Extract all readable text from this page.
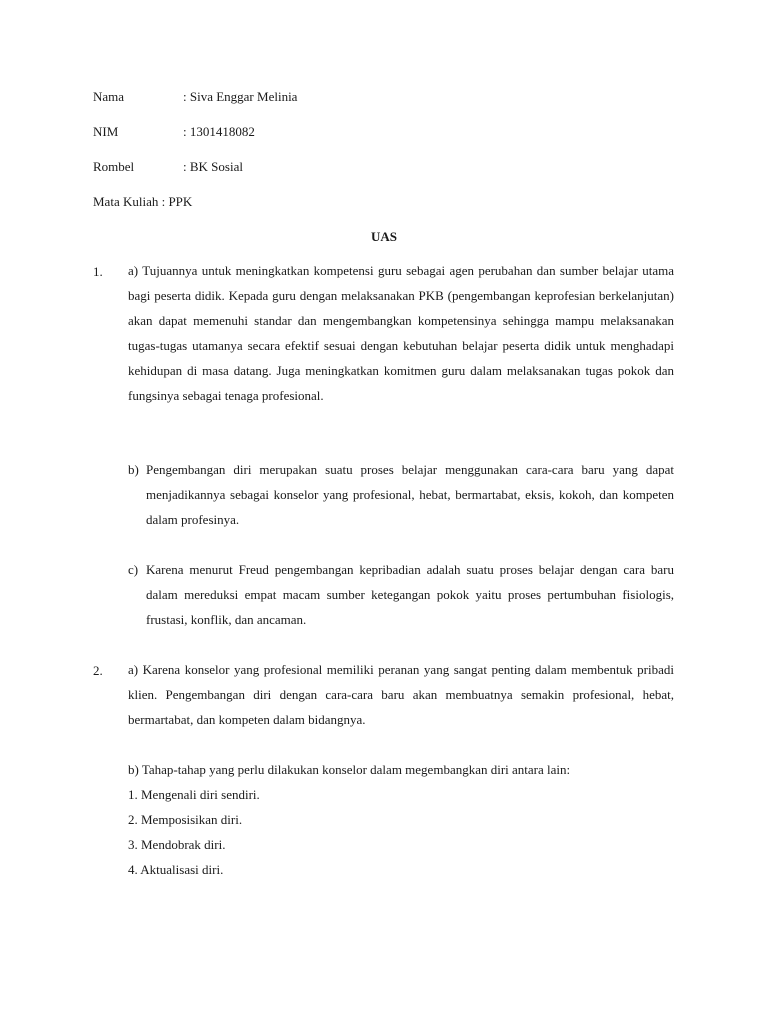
Nama	: Siva Enggar Melinia
NIM	: 1301418082
Rombel	: BK Sosial
Mata Kuliah : PPK
UAS
1. a) Tujuannya untuk meningkatkan kompetensi guru sebagai agen perubahan dan sumber belajar utama bagi peserta didik. Kepada guru dengan melaksanakan PKB (pengembangan keprofesian berkelanjutan) akan dapat memenuhi standar dan mengembangkan kompetensinya sehingga mampu melaksanakan tugas-tugas utamanya secara efektif sesuai dengan kebutuhan belajar peserta didik untuk menghadapi kehidupan di masa datang. Juga meningkatkan komitmen guru dalam melaksanakan tugas pokok dan fungsinya sebagai tenaga profesional.

b) Pengembangan diri merupakan suatu proses belajar menggunakan cara-cara baru yang dapat menjadikannya sebagai konselor yang profesional, hebat, bermartabat, eksis, kokoh, dan kompeten dalam profesinya.
c) Karena menurut Freud pengembangan kepribadian adalah suatu proses belajar dengan cara baru dalam mereduksi empat macam sumber ketegangan pokok yaitu proses pertumbuhan fisiologis, frustasi, konflik, dan ancaman.
2. a) Karena konselor yang profesional memiliki peranan yang sangat penting dalam membentuk pribadi klien. Pengembangan diri dengan cara-cara baru akan membuatnya semakin profesional, hebat, bermartabat, dan kompeten dalam bidangnya.

b) Tahap-tahap yang perlu dilakukan konselor dalam megembangkan diri antara lain:
1. Mengenali diri sendiri.
2. Memposisikan diri.
3. Mendobrak diri.
4. Aktualisasi diri.
